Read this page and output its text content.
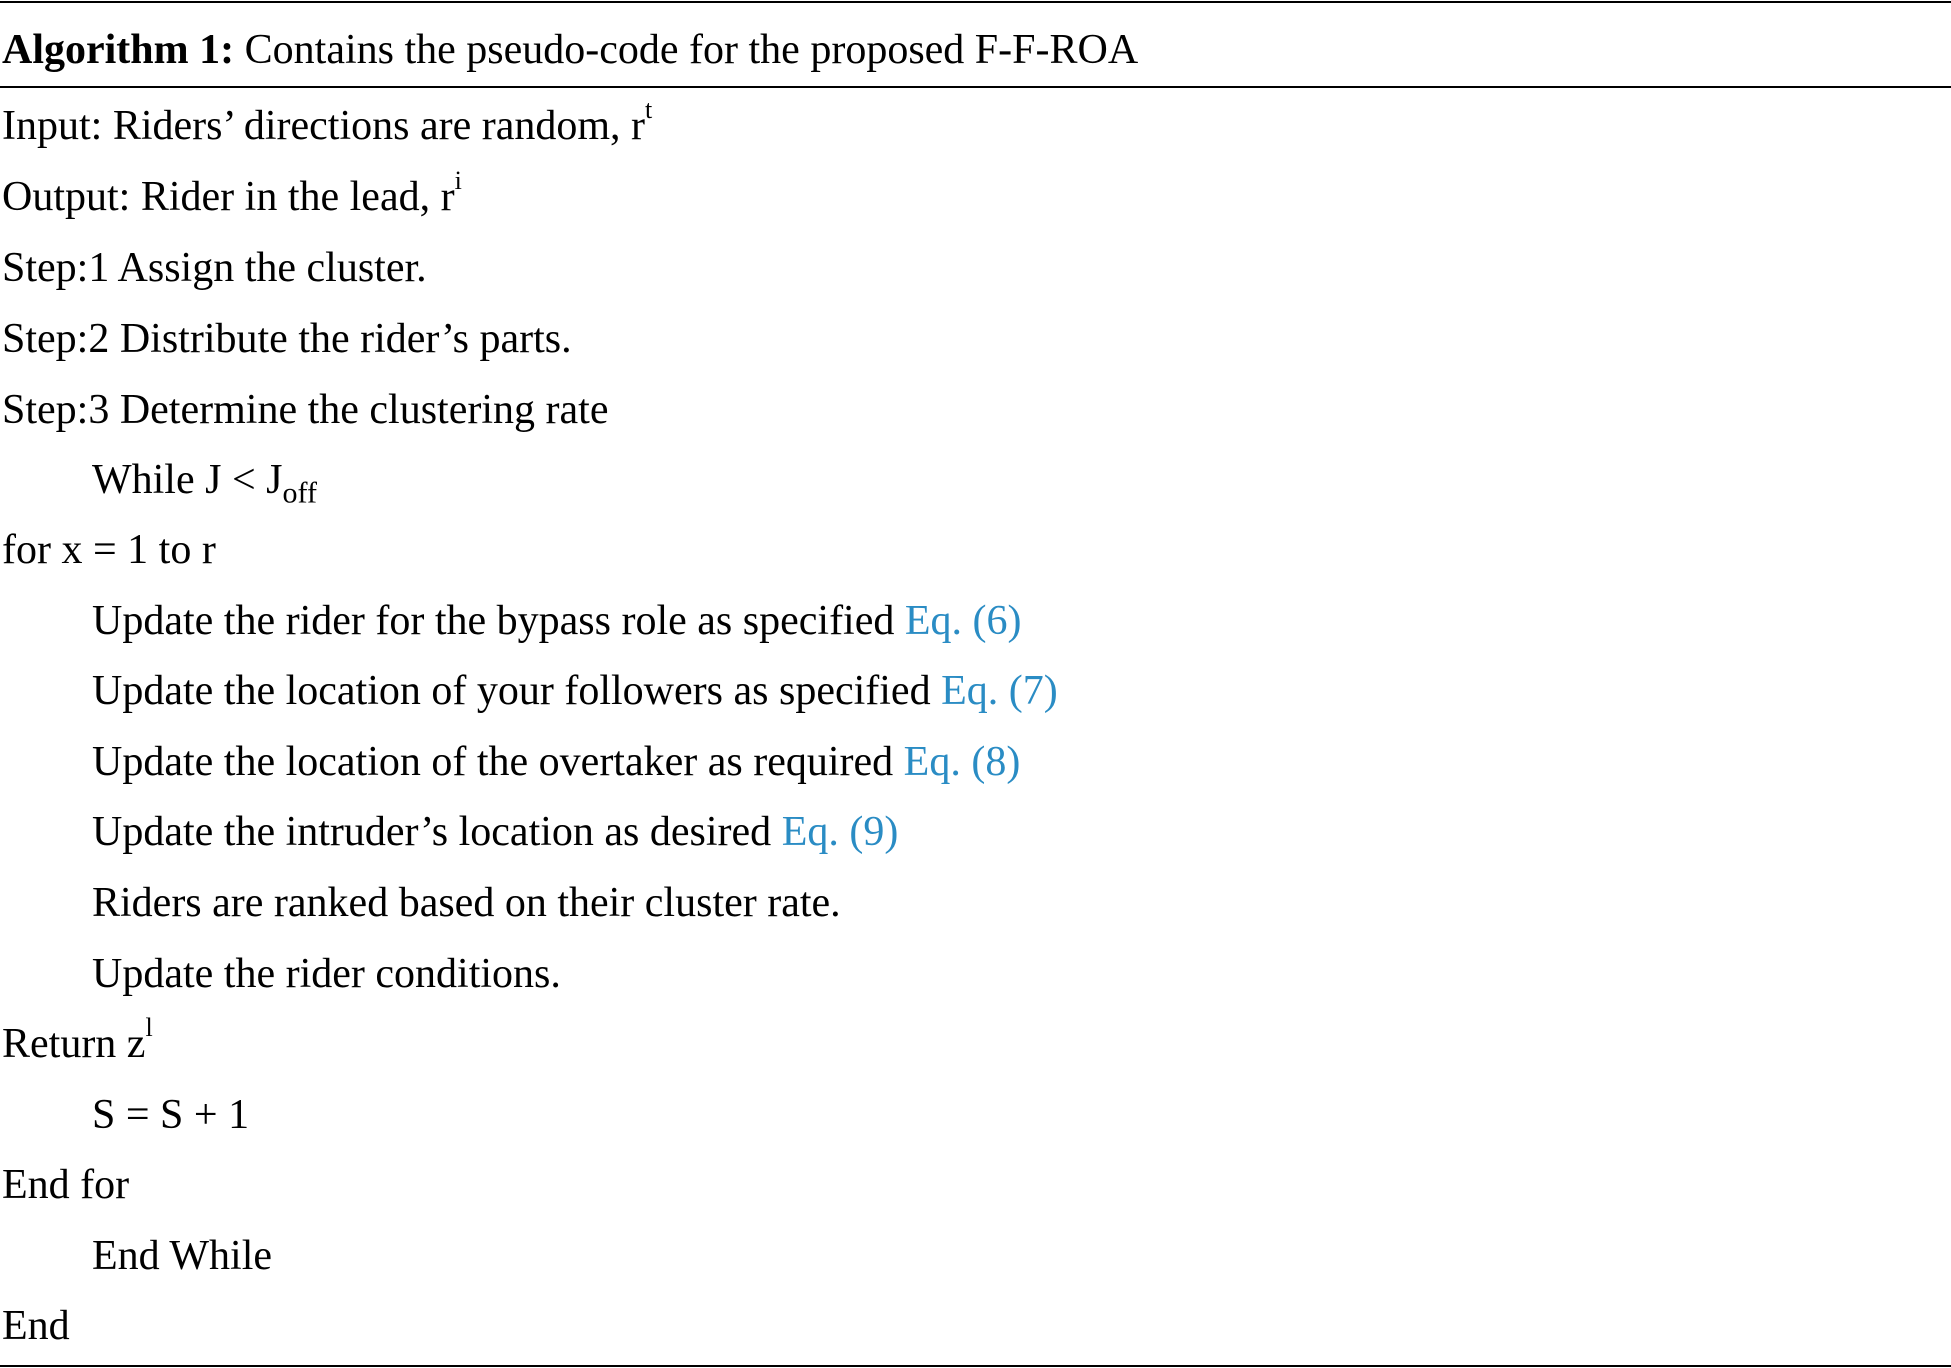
Algorithm 1: Contains the pseudo-code for the proposed F-F-ROA
Input: Riders’ directions are random, $r^t$
Output: Rider in the lead, $r^i$
Step:1 Assign the cluster.
Step:2 Distribute the rider’s parts.
Step:3 Determine the clustering rate
While $J < J_{off}$
for x = 1 to r
Update the rider for the bypass role as specified Eq. (6)
Update the location of your followers as specified Eq. (7)
Update the location of the overtaker as required Eq. (8)
Update the intruder’s location as desired Eq. (9)
Riders are ranked based on their cluster rate.
Update the rider conditions.
Return $z^l$
S = S + 1
End for
End While
End
